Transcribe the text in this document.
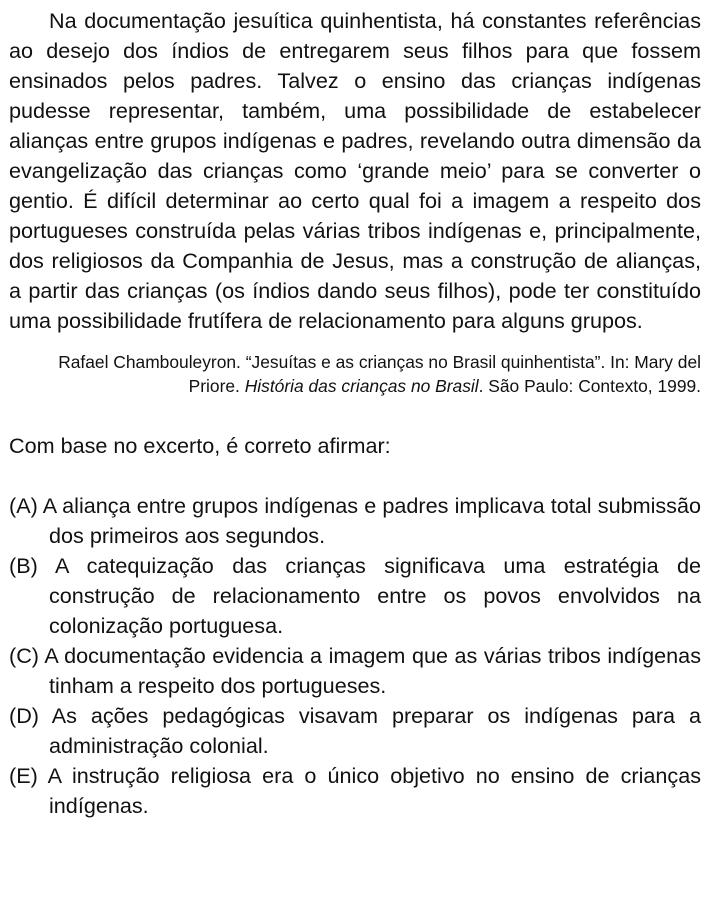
Na documentação jesuítica quinhentista, há constantes referências ao desejo dos índios de entregarem seus filhos para que fossem ensinados pelos padres. Talvez o ensino das crianças indígenas pudesse representar, também, uma possibilidade de estabelecer alianças entre grupos indígenas e padres, revelando outra dimensão da evangelização das crianças como ‘grande meio’ para se converter o gentio. É difícil determinar ao certo qual foi a imagem a respeito dos portugueses construída pelas várias tribos indígenas e, principalmente, dos religiosos da Companhia de Jesus, mas a construção de alianças, a partir das crianças (os índios dando seus filhos), pode ter constituído uma possibilidade frutífera de relacionamento para alguns grupos.

Rafael Chambouleyron. “Jesuítas e as crianças no Brasil quinhentista”. In: Mary del Priore. História das crianças no Brasil. São Paulo: Contexto, 1999.

Com base no excerto, é correto afirmar:

(A) A aliança entre grupos indígenas e padres implicava total submissão dos primeiros aos segundos.
(B) A catequização das crianças significava uma estratégia de construção de relacionamento entre os povos envolvidos na colonização portuguesa.
(C) A documentação evidencia a imagem que as várias tribos indígenas tinham a respeito dos portugueses.
(D) As ações pedagógicas visavam preparar os indígenas para a administração colonial.
(E) A instrução religiosa era o único objetivo no ensino de crianças indígenas.
